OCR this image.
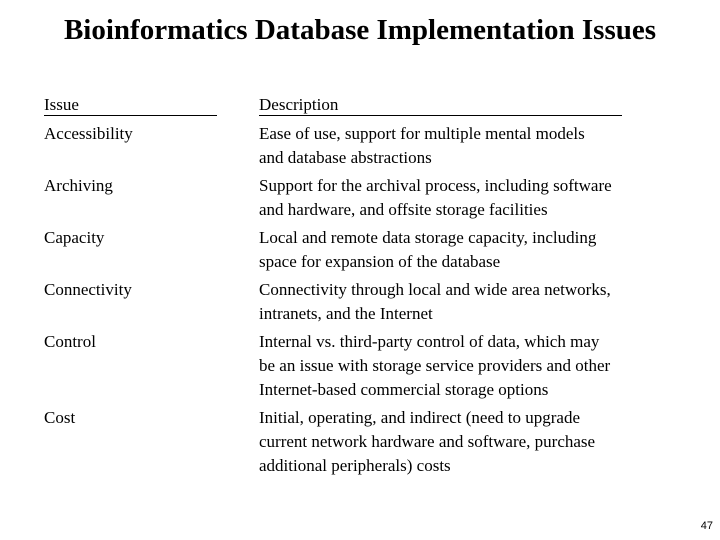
Bioinformatics Database Implementation Issues
Issue	Description
Accessibility	Ease of use, support for multiple mental models
and database abstractions
Archiving	Support for the archival process, including software
and hardware, and offsite storage facilities
Capacity	Local and remote data storage capacity, including
space for expansion of the database
Connectivity	Connectivity through local and wide area networks,
intranets, and the Internet
Control	Internal vs. third-party control of data, which may
be an issue with storage service providers and other
Internet-based commercial storage options
Cost	Initial, operating, and indirect (need to upgrade
current network hardware and software, purchase
additional peripherals) costs
47
